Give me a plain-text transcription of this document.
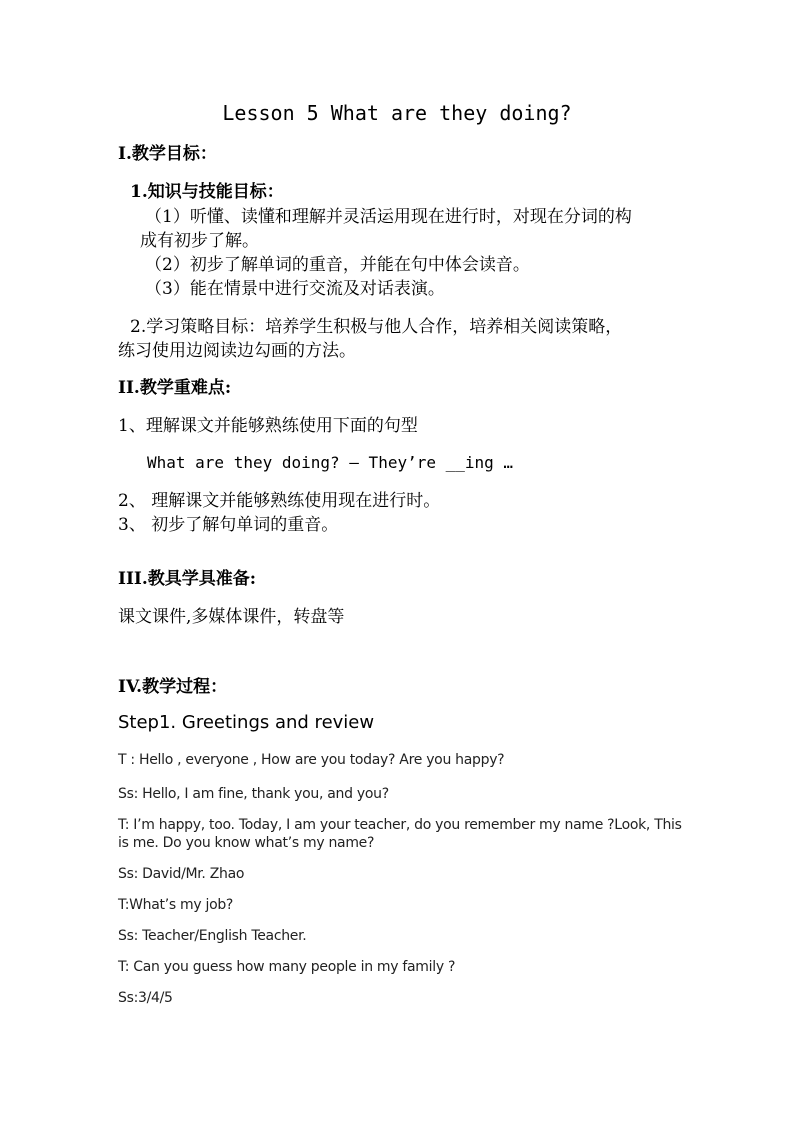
Lesson 5 What are they doing?
I.教学目标：
1.知识与技能目标：
（1）听懂、读懂和理解并灵活运用现在进行时，对现在分词的构
成有初步了解。
（2）初步了解单词的重音，并能在句中体会读音。
（3）能在情景中进行交流及对话表演。
2.学习策略目标：培养学生积极与他人合作，培养相关阅读策略，
练习使用边阅读边勾画的方法。
II.教学重难点:
1、理解课文并能够熟练使用下面的句型
What are they doing? – They’re __ing …
2、 理解课文并能够熟练使用现在进行时。
3、 初步了解句单词的重音。
III.教具学具准备:
课文课件,多媒体课件，转盘等
IV.教学过程：
Step1. Greetings and review
T : Hello , everyone , How are you today? Are you happy?
Ss: Hello, I am fine, thank you, and you?
T: I’m happy, too. Today, I am your teacher, do you remember my name ?Look, This
is me. Do you know what’s my name?
Ss: David/Mr. Zhao
T:What’s my job?
Ss: Teacher/English Teacher.
T: Can you guess how many people in my family ?
Ss:3/4/5
